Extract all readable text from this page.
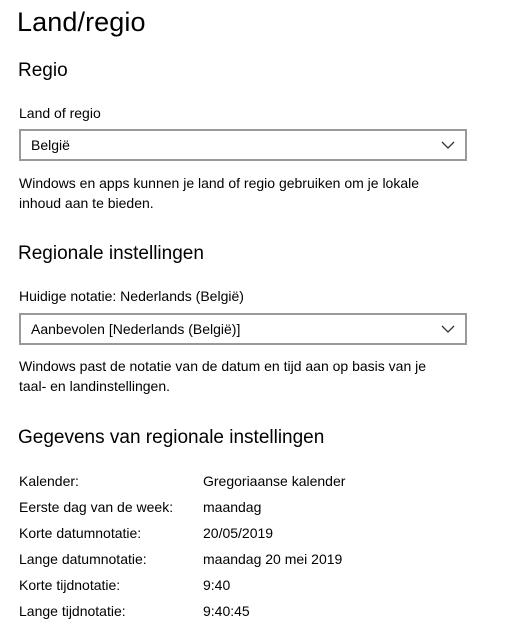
Land/regio
Regio
Land of regio
België
Windows en apps kunnen je land of regio gebruiken om je lokale
inhoud aan te bieden.
Regionale instellingen
Huidige notatie: Nederlands (België)
Aanbevolen [Nederlands (België)]
Windows past de notatie van de datum en tijd aan op basis van je
taal- en landinstellingen.
Gegevens van regionale instellingen
Kalender:	Gregoriaanse kalender
Eerste dag van de week: maandag
Korte datumnotatie:	20/05/2019
Lange datumnotatie:	maandag 20 mei 2019
Korte tijdnotatie:	9:40
Lange tijdnotatie:	9:40:45
